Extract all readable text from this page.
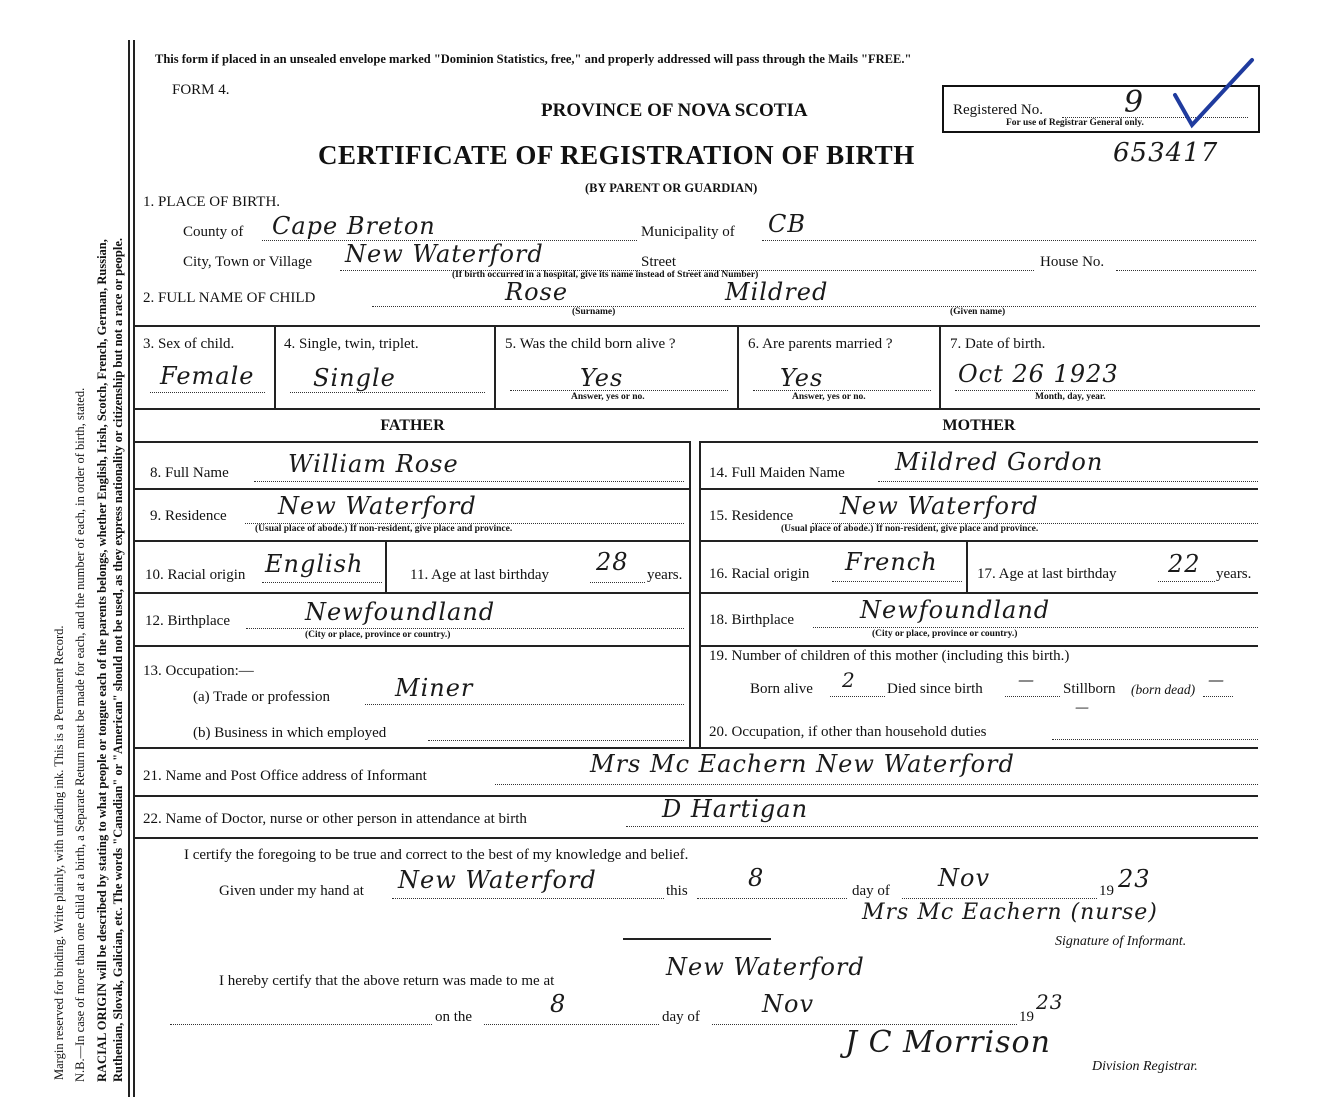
Margin reserved for binding. Write plainly, with unfading ink. This is a Permanent Record. N.B.—In case of more than one child at a birth, a Separate Return must be made for each, and the number of each, in order of birth, stated. RACIAL ORIGIN will be described by stating to what people or tongue each of the parents belongs, whether English, Irish, Scotch, French, German, Russian, Ruthenian, Slovak, Galician, etc. The words "Canadian" or "American" should not be used, as they express nationality or citizenship but not a race or people.
This form if placed in an unsealed envelope marked "Dominion Statistics, free," and properly addressed will pass through the Mails "FREE."
FORM 4.
PROVINCE OF NOVA SCOTIA
CERTIFICATE OF REGISTRATION OF BIRTH
(BY PARENT OR GUARDIAN)
653417
Registered No.
For use of Registrar General only.
9
1. PLACE OF BIRTH.
County of Cape Breton	Municipality of CB
City, Town or Village New Waterford	Street	House No.
(If birth occurred in a hospital, give its name instead of Street and Number)
2. FULL NAME OF CHILD	Rose	Mildred
(Surname)	(Given name)
3. Sex of child.
Female
4. Single, twin, triplet.
Single
5. Was the child born alive ?
Yes
Answer, yes or no.
6. Are parents married ?
Yes
Answer, yes or no.
7. Date of birth.
Oct 26 1923
Month, day, year.
FATHER	MOTHER
8. Full Name William Rose
9. Residence New Waterford
(Usual place of abode.) If non-resident, give place and province.
10. Racial origin English	11. Age at last birthday 28 years.
12. Birthplace	Newfoundland
(City or place, province or country.)
13. Occupation:—
(a) Trade or profession	Miner
(b) Business in which employed
14. Full Maiden Name Mildred Gordon
15. Residence New Waterford
(Usual place of abode.) If non-resident, give place and province.
16. Racial origin French	17. Age at last birthday 22 years.
18. Birthplace	Newfoundland
(City or place, province or country.)
19. Number of children of this mother (including this birth.)
Born alive 2 Died since birth — Stillborn (born dead)
—
20. Occupation, if other than household duties
—
21. Name and Post Office address of Informant	Mrs Mc Eachern New Waterford
22. Name of Doctor, nurse or other person in attendance at birth	D Hartigan
I certify the foregoing to be true and correct to the best of my knowledge and belief.
Given under my hand at New Waterford	this	8	day of Nov	19 23
Mrs Mc Eachern (nurse)
Signature of Informant.
I hereby certify that the above return was made to me at	New Waterford
on the	8	day of	Nov	19
23
J C Morrison
Division Registrar.
